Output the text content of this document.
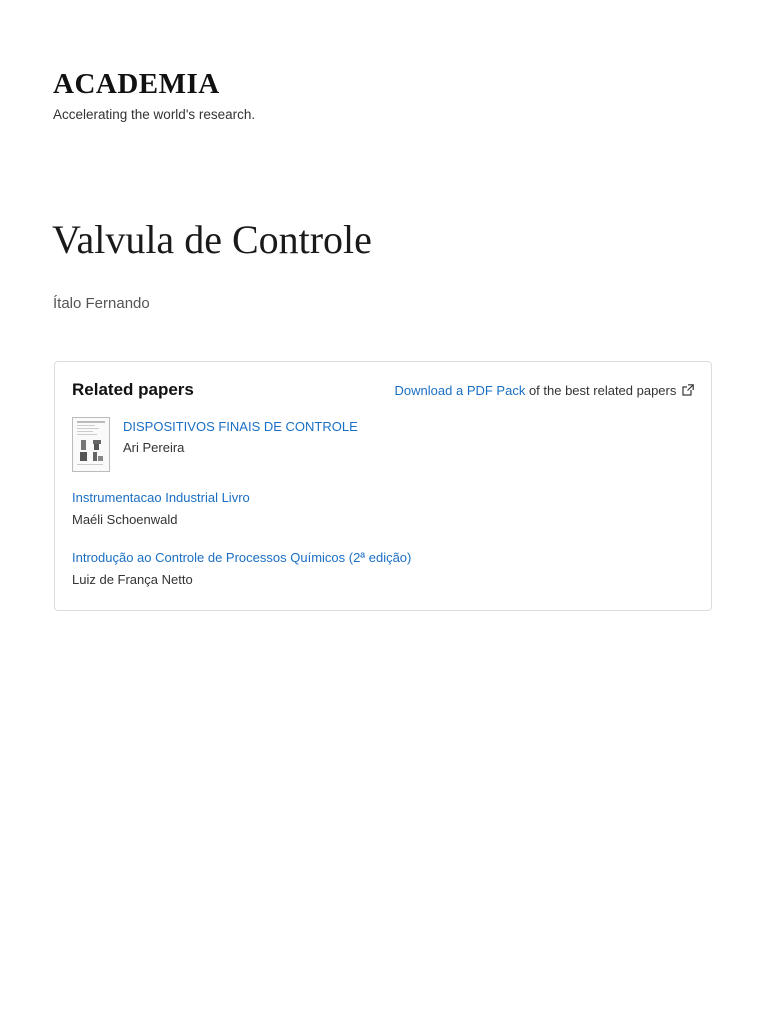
ACADEMIA
Accelerating the world's research.
Valvula de Controle
Ítalo Fernando
Related papers	Download a PDF Pack of the best related papers
DISPOSITIVOS FINAIS DE CONTROLE
Ari Pereira
Instrumentacao Industrial Livro
Maéli Schoenwald
Introdução ao Controle de Processos Químicos (2ª edição)
Luiz de França Netto
